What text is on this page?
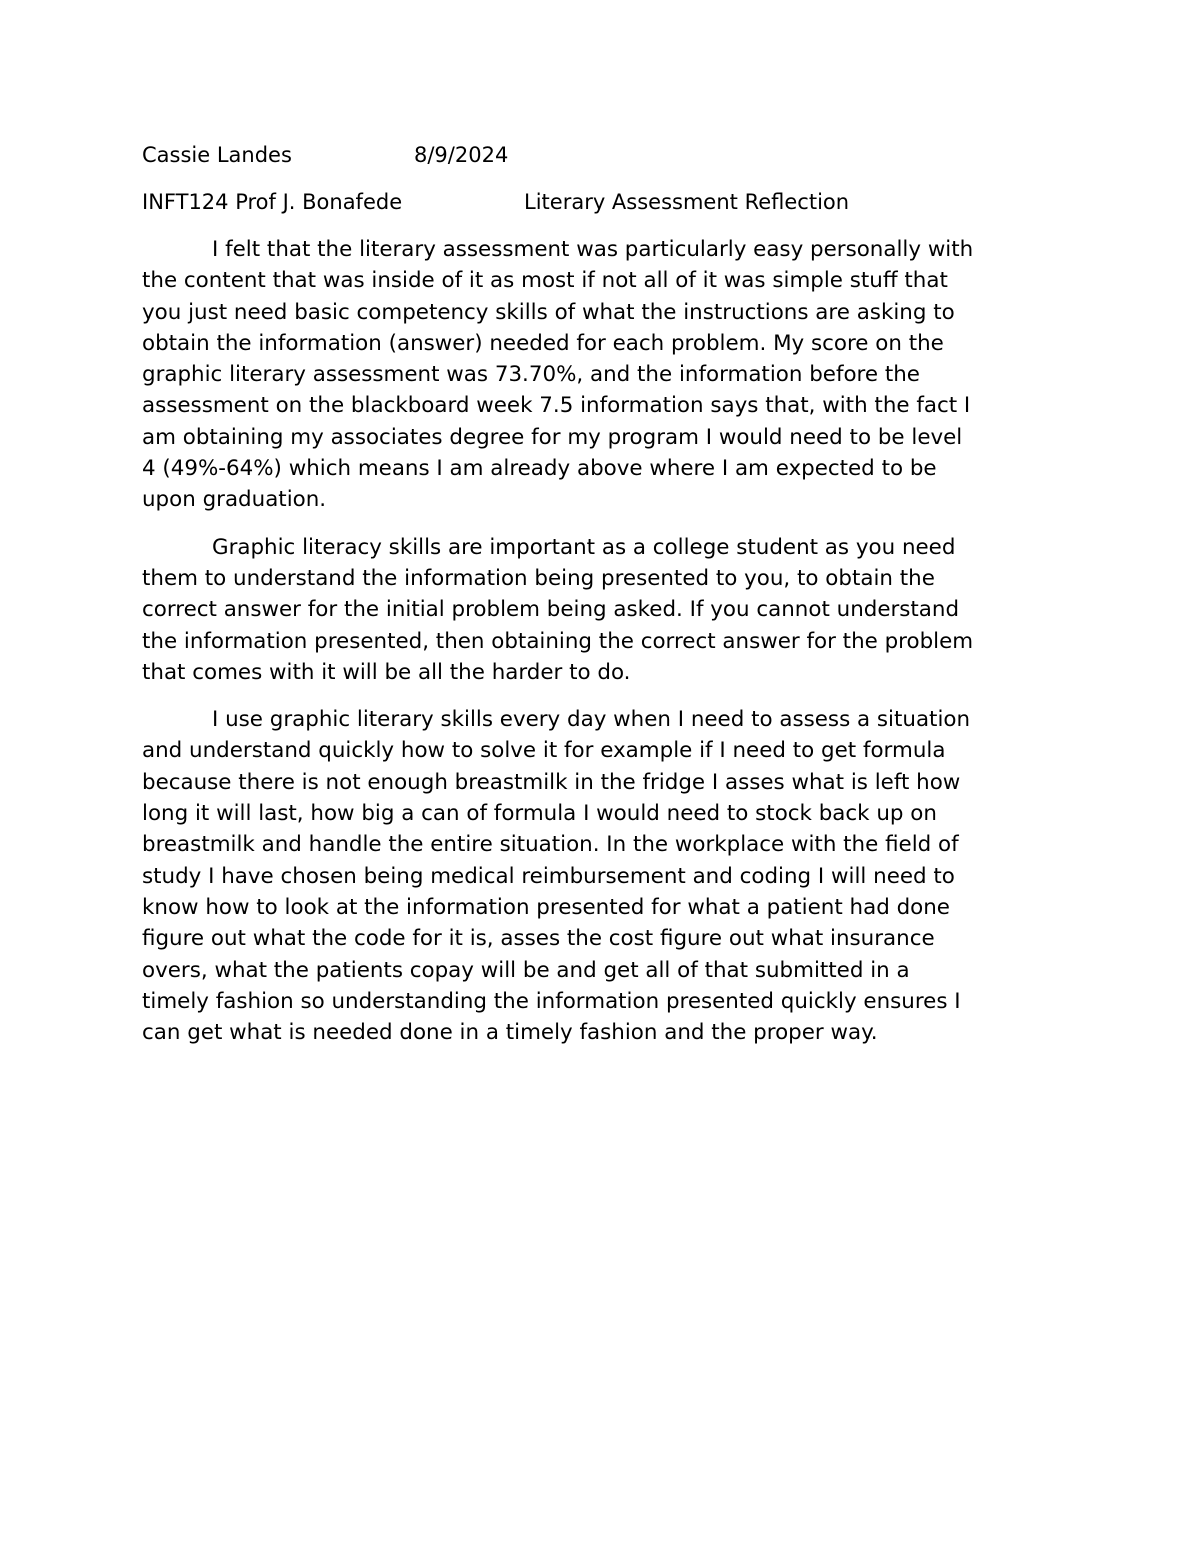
Cassie Landes	8/9/2024
INFT124 Prof J. Bonafede	Literary Assessment Reflection

I felt that the literary assessment was particularly easy personally with
the content that was inside of it as most if not all of it was simple stuff that
you just need basic competency skills of what the instructions are asking to
obtain the information (answer) needed for each problem. My score on the
graphic literary assessment was 73.70%, and the information before the
assessment on the blackboard week 7.5 information says that, with the fact I
am obtaining my associates degree for my program I would need to be level
4 (49%-64%) which means I am already above where I am expected to be
upon graduation.

Graphic literacy skills are important as a college student as you need
them to understand the information being presented to you, to obtain the
correct answer for the initial problem being asked. If you cannot understand
the information presented, then obtaining the correct answer for the problem
that comes with it will be all the harder to do.

I use graphic literary skills every day when I need to assess a situation
and understand quickly how to solve it for example if I need to get formula
because there is not enough breastmilk in the fridge I asses what is left how
long it will last, how big a can of formula I would need to stock back up on
breastmilk and handle the entire situation. In the workplace with the field of
study I have chosen being medical reimbursement and coding I will need to
know how to look at the information presented for what a patient had done
figure out what the code for it is, asses the cost figure out what insurance
overs, what the patients copay will be and get all of that submitted in a
timely fashion so understanding the information presented quickly ensures I
can get what is needed done in a timely fashion and the proper way.
